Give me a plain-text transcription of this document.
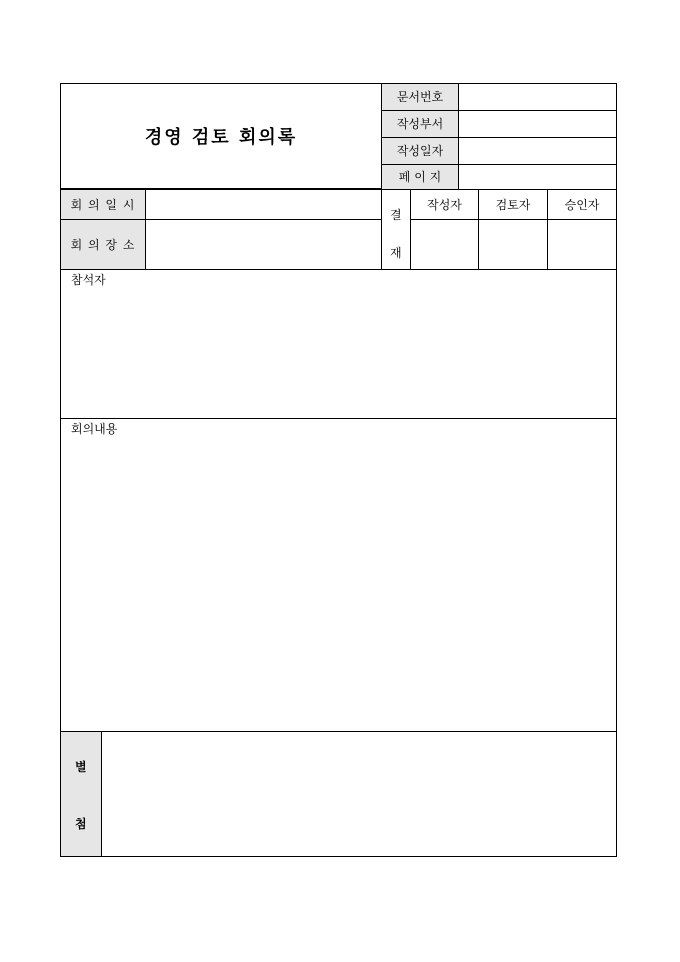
경영 검토 회의록
문서번호
작성부서
작성일자
페 이 지
회 의 일 시
회 의 장 소
결
재
작성자	검토자	승인자
참석자
회의내용
별
첨
